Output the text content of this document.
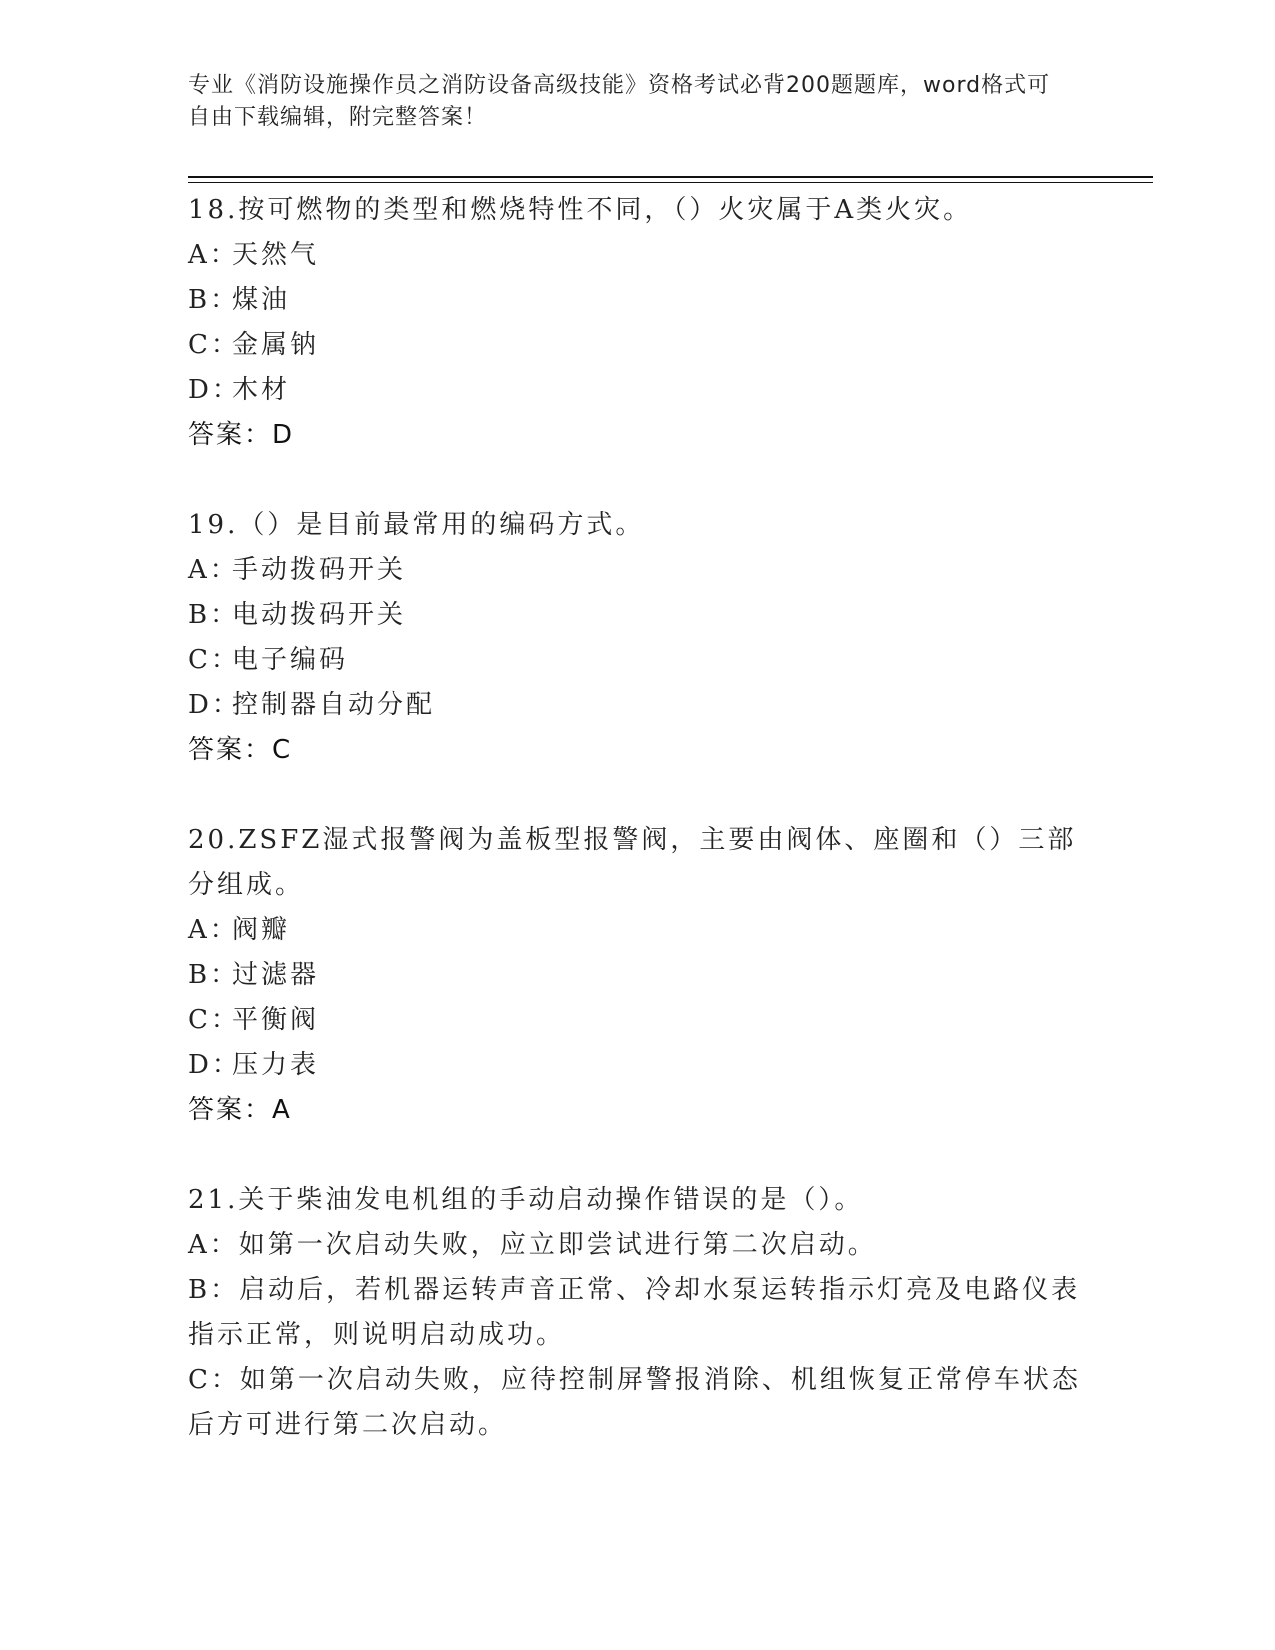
专业《消防设施操作员之消防设备高级技能》资格考试必背200题题库，word格式可自由下载编辑，附完整答案！
18.按可燃物的类型和燃烧特性不同，（）火灾属于A类火灾。
A：天然气
B：煤油
C：金属钠
D：木材
答案：D
19.（）是目前最常用的编码方式。
A：手动拨码开关
B：电动拨码开关
C：电子编码
D：控制器自动分配
答案：C
20.ZSFZ湿式报警阀为盖板型报警阀，主要由阀体、座圈和（）三部分组成。
A：阀瓣
B：过滤器
C：平衡阀
D：压力表
答案：A
21.关于柴油发电机组的手动启动操作错误的是（）。
A：如第一次启动失败，应立即尝试进行第二次启动。
B：启动后，若机器运转声音正常、冷却水泵运转指示灯亮及电路仪表指示正常，则说明启动成功。
C：如第一次启动失败，应待控制屏警报消除、机组恢复正常停车状态后方可进行第二次启动。
